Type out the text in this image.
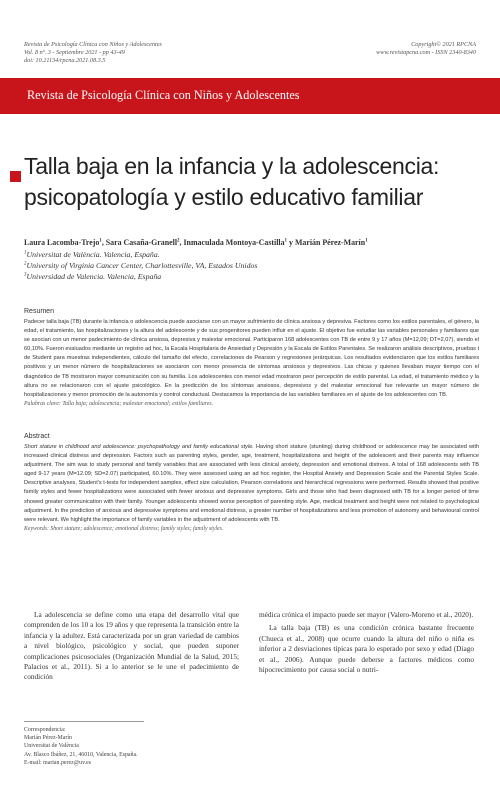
Revista de Psicología Clínica con Niños y Adolescentes
Vol. 8 nº. 3 - Septiembre 2021 - pp 43-49
doi: 10.21134/rpcna.2021.08.3.5
Copyright© 2021 RPCNA
www.revistapcna.com - ISSN 2340-8340
Revista de Psicología Clínica con Niños y Adolescentes
Talla baja en la infancia y la adolescencia: psicopatología y estilo educativo familiar
Laura Lacomba-Trejo$^1$, Sara Casaña-Granell$^2$, Inmaculada Montoya-Castilla$^1$ y Marián Pérez-Marín$^1$
$^1$Universitat de València. Valencia, España.
$^2$University of Virginia Cancer Center, Charlottesville, VA, Estados Unidos
$^3$Universidad de Valencia. Valencia, España
Resumen
Padecer talla baja (TB) durante la infancia o adolescencia puede asociarse con un mayor sufrimiento de clínica ansiosa y depresiva. Factores como los estilos parentales, el género, la edad, el tratamiento, las hospitalizaciones y la altura del adolescente y de sus progenitores pueden influir en el ajuste. El objetivo fue estudiar las variables personales y familiares que se asocian con un menor padecimiento de clínica ansiosa, depresiva y malestar emocional. Participaron 168 adolescentes con TB de entre 9 y 17 años (M=12,09; DT=2,07), siendo el 60,10%. Fueron evaluados mediante un registro ad hoc, la Escala Hospitalaria de Ansiedad y Depresión y la Escala de Estilos Parentales. Se realizaron análisis descriptivos, pruebas t de Student para muestras independientes, cálculo del tamaño del efecto, correlaciones de Pearson y regresiones jerárquicas. Los resultados evidenciaron que los estilos familiares positivos y un menor número de hospitalizaciones se asociaron con menor presencia de síntomas ansiosos y depresivos. Las chicas y quienes llevaban mayor tiempo con el diagnóstico de TB mostraron mayor comunicación con su familia. Los adolescentes con menor edad mostraron peor percepción de estilo parental. La edad, el tratamiento médico y la altura no se relacionaron con el ajuste psicológico. En la predicción de los síntomas ansiosos, depresivos y del malestar emocional fue relevante un mayor número de hospitalizaciones y menor promoción de la autonomía y control conductual. Destacamos la importancia de las variables familiares en el ajuste de los adolescentes con TB.
Palabras clave: Talla baja; adolescencia; malestar emocional; estilos familiares.
Abstract
Short stature in childhood and adolescence: psychopathology and family educational style. Having short stature (stunting) during childhood or adolescence may be associated with increased clinical distress and depression. Factors such as parenting styles, gender, age, treatment, hospitalizations and height of the adolescent and their parents may influence adjustment. The aim was to study personal and family variables that are associated with less clinical anxiety, depression and emotional distress. A total of 168 adolescents with TB aged 9-17 years (M=12.09; SD=2.07) participated, 60.10%. They were assessed using an ad hoc register, the Hospital Anxiety and Depression Scale and the Parental Styles Scale. Descriptive analyses, Student's t-tests for independent samples, effect size calculation, Pearson correlations and hierarchical regressions were performed. Results showed that positive family styles and fewer hospitalizations were associated with fewer anxious and depressive symptoms. Girls and those who had been diagnosed with TB for a longer period of time showed greater communication with their family. Younger adolescents showed worse perception of parenting style. Age, medical treatment and height were not related to psychological adjustment. In the prediction of anxious and depressive symptoms and emotional distress, a greater number of hospitalizations and less promotion of autonomy and behavioural control were relevant. We highlight the importance of family variables in the adjustment of adolescents with TB.
Keywords: Short stature; adolescence; emotional distress; family styles; family styles.

La adolescencia se define como una etapa del desarrollo vital que comprenden de los 10 a los 19 años y que representa la transición entre la infancia y la adultez. Está caracterizada por un gran variedad de cambios a nivel biológico, psicológico y social, que pueden suponer complicaciones psicosociales (Organización Mundial de la Salud, 2015; Palacios et al., 2011). Si a lo anterior se le une el padecimiento de condición

médica crónica el impacto puede ser mayor (Valero-Moreno et al., 2020).

La talla baja (TB) es una condición crónica bastante frecuente (Chueca et al., 2008) que ocurre cuando la altura del niño o niña es inferior a 2 desviaciones típicas para lo esperado por sexo y edad (Diago et al., 2006). Aunque puede deberse a factores médicos como hipocrecimiento por causa social o nutri-

Correspondencia:
Marián Pérez-Marín
Universitat de València
Av. Blasco Ibáñez, 21, 46010, Valencia, España.
E-mail: marian.perez@uv.es
